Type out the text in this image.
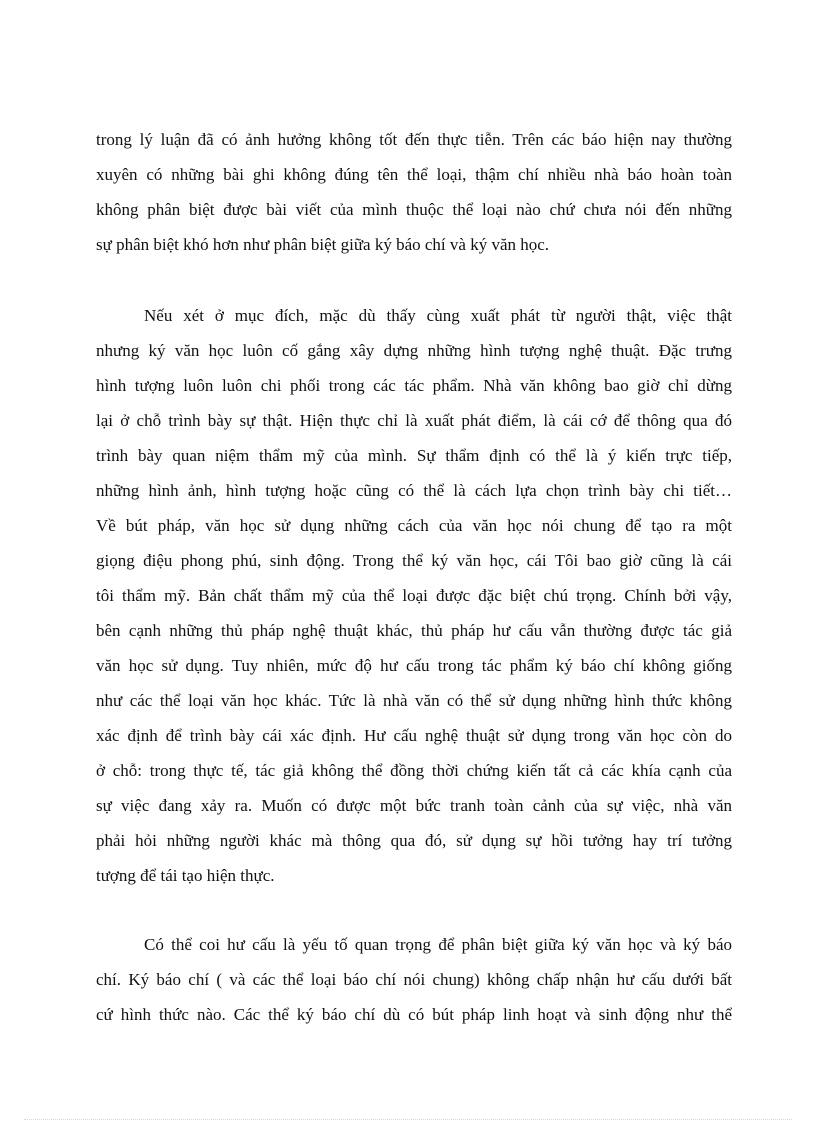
trong lý luận đã có ảnh hưởng không tốt đến thực tiễn. Trên các báo hiện nay thường
xuyên có những bài ghi không đúng tên thể loại, thậm chí nhiều nhà báo hoàn toàn
không phân biệt được bài viết của mình thuộc thể loại nào chứ chưa nói đến những
sự phân biệt khó hơn như phân biệt giữa ký báo chí và ký văn học.
Nếu xét ở mục đích, mặc dù thấy cùng xuất phát từ người thật, việc thật
nhưng ký văn học luôn cố gắng xây dựng những hình tượng nghệ thuật. Đặc trưng
hình tượng luôn luôn chi phối trong các tác phẩm. Nhà văn không bao giờ chỉ dừng
lại ở chỗ trình bày sự thật. Hiện thực chỉ là xuất phát điểm, là cái cớ để thông qua đó
trình bày quan niệm thẩm mỹ của mình. Sự thẩm định có thể là ý kiến trực tiếp,
những hình ảnh, hình tượng hoặc cũng có thể là cách lựa chọn trình bày chi tiết…
Về bút pháp, văn học sử dụng những cách của văn học nói chung để tạo ra một
giọng điệu phong phú, sinh động. Trong thể ký văn học, cái Tôi bao giờ cũng là cái
tôi thẩm mỹ. Bản chất thẩm mỹ của thể loại được đặc biệt chú trọng. Chính bởi vậy,
bên cạnh những thủ pháp nghệ thuật khác, thủ pháp hư cấu vẫn thường được tác giả
văn học sử dụng. Tuy nhiên, mức độ hư cấu trong tác phẩm ký báo chí không giống
như các thể loại văn học khác. Tức là nhà văn có thể sử dụng những hình thức không
xác định để trình bày cái xác định. Hư cấu nghệ thuật sử dụng trong văn học còn do
ở chỗ: trong thực tế, tác giả không thể đồng thời chứng kiến tất cả các khía cạnh của
sự việc đang xảy ra. Muốn có được một bức tranh toàn cảnh của sự việc, nhà văn
phải hỏi những người khác mà thông qua đó, sử dụng sự hồi tưởng hay trí tưởng
tượng để tái tạo hiện thực.
Có thể coi hư cấu là yếu tố quan trọng để phân biệt giữa ký văn học và ký báo
chí. Ký báo chí ( và các thể loại báo chí nói chung) không chấp nhận hư cấu dưới bất
cứ hình thức nào. Các thể ký báo chí dù có bút pháp linh hoạt và sinh động như thể
